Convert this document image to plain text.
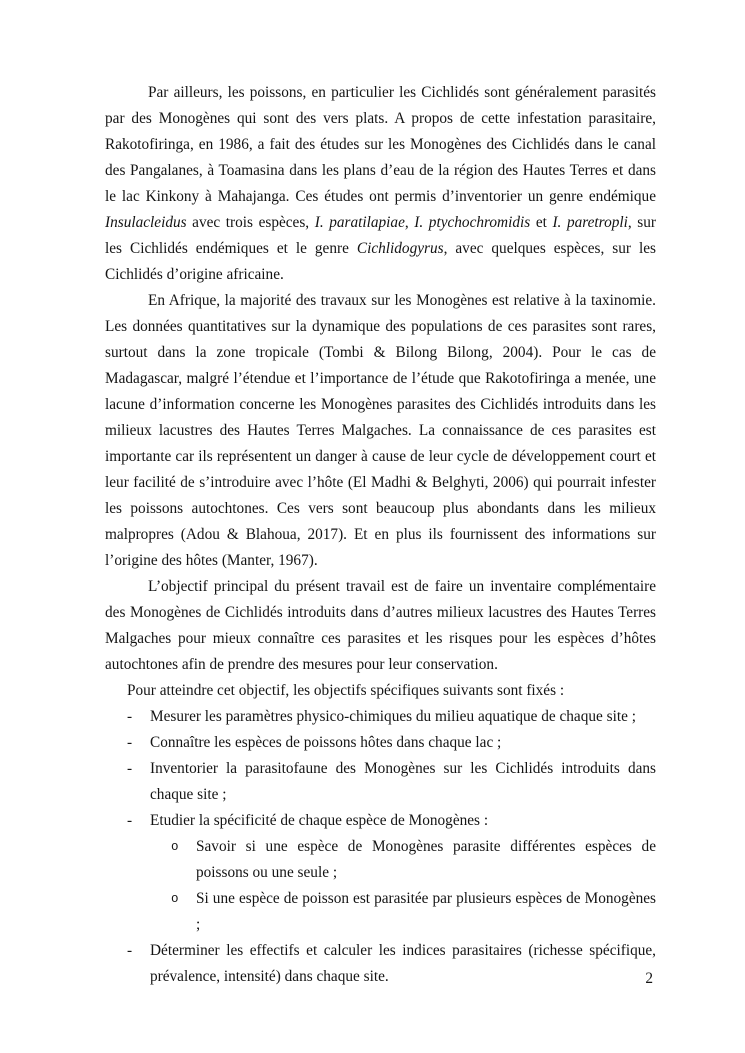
Par ailleurs, les poissons, en particulier les Cichlidés sont généralement parasités par des Monogènes qui sont des vers plats. A propos de cette infestation parasitaire, Rakotofiringa, en 1986, a fait des études sur les Monogènes des Cichlidés dans le canal des Pangalanes, à Toamasina dans les plans d’eau de la région des Hautes Terres et dans le lac Kinkony à Mahajanga. Ces études ont permis d’inventorier un genre endémique Insulacleidus avec trois espèces, I. paratilapiae, I. ptychochromidis et I. paretropli, sur les Cichlidés endémiques et le genre Cichlidogyrus, avec quelques espèces, sur les Cichlidés d’origine africaine.

En Afrique, la majorité des travaux sur les Monogènes est relative à la taxinomie. Les données quantitatives sur la dynamique des populations de ces parasites sont rares, surtout dans la zone tropicale (Tombi & Bilong Bilong, 2004). Pour le cas de Madagascar, malgré l’étendue et l’importance de l’étude que Rakotofiringa a menée, une lacune d’information concerne les Monogènes parasites des Cichlidés introduits dans les milieux lacustres des Hautes Terres Malgaches. La connaissance de ces parasites est importante car ils représentent un danger à cause de leur cycle de développement court et leur facilité de s’introduire avec l’hôte (El Madhi & Belghyti, 2006) qui pourrait infester les poissons autochtones. Ces vers sont beaucoup plus abondants dans les milieux malpropres (Adou & Blahoua, 2017). Et en plus ils fournissent des informations sur l’origine des hôtes (Manter, 1967).

L’objectif principal du présent travail est de faire un inventaire complémentaire des Monogènes de Cichlidés introduits dans d’autres milieux lacustres des Hautes Terres Malgaches pour mieux connaître ces parasites et les risques pour les espèces d’hôtes autochtones afin de prendre des mesures pour leur conservation.

Pour atteindre cet objectif, les objectifs spécifiques suivants sont fixés :

-	Mesurer les paramètres physico-chimiques du milieu aquatique de chaque site ;
-	Connaître les espèces de poissons hôtes dans chaque lac ;
-	Inventorier la parasitofaune des Monogènes sur les Cichlidés introduits dans chaque site ;
-	Etudier la spécificité de chaque espèce de Monogènes :
o	Savoir si une espèce de Monogènes parasite différentes espèces de poissons ou une seule ;
o	Si une espèce de poisson est parasitée par plusieurs espèces de Monogènes ;
-	Déterminer les effectifs et calculer les indices parasitaires (richesse spécifique, prévalence, intensité) dans chaque site.	2
